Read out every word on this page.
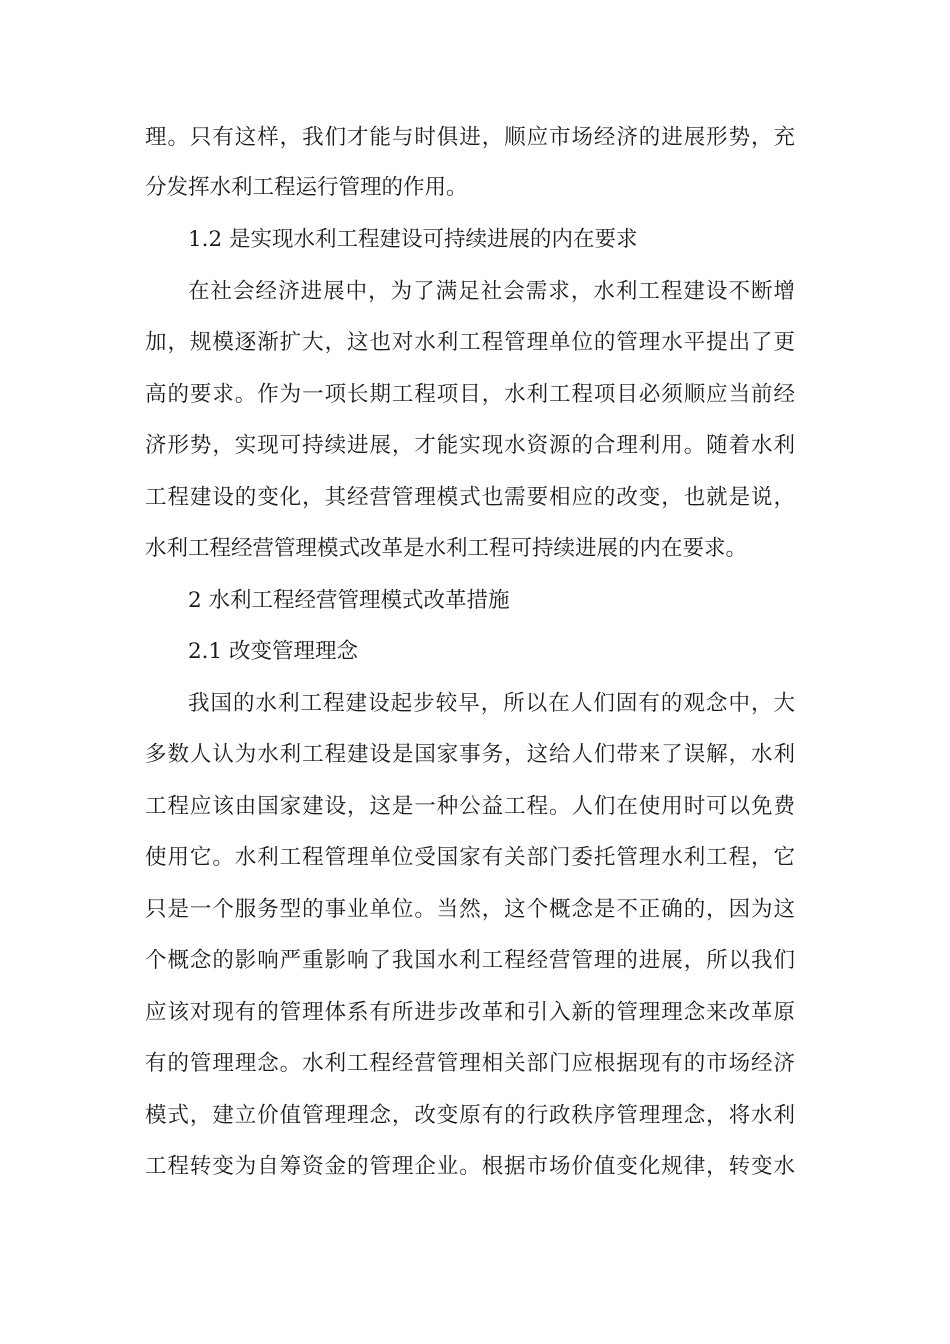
理。只有这样，我们才能与时俱进，顺应市场经济的进展形势，充
分发挥水利工程运行管理的作用。
1.2 是实现水利工程建设可持续进展的内在要求
在社会经济进展中，为了满足社会需求，水利工程建设不断增
加，规模逐渐扩大，这也对水利工程管理单位的管理水平提出了更
高的要求。作为一项长期工程项目，水利工程项目必须顺应当前经
济形势，实现可持续进展，才能实现水资源的合理利用。随着水利
工程建设的变化，其经营管理模式也需要相应的改变，也就是说，
水利工程经营管理模式改革是水利工程可持续进展的内在要求。
2 水利工程经营管理模式改革措施
2.1 改变管理理念
我国的水利工程建设起步较早，所以在人们固有的观念中，大
多数人认为水利工程建设是国家事务，这给人们带来了误解，水利
工程应该由国家建设，这是一种公益工程。人们在使用时可以免费
使用它。水利工程管理单位受国家有关部门委托管理水利工程，它
只是一个服务型的事业单位。当然，这个概念是不正确的，因为这
个概念的影响严重影响了我国水利工程经营管理的进展，所以我们
应该对现有的管理体系有所进步改革和引入新的管理理念来改革原
有的管理理念。水利工程经营管理相关部门应根据现有的市场经济
模式，建立价值管理理念，改变原有的行政秩序管理理念，将水利
工程转变为自筹资金的管理企业。根据市场价值变化规律，转变水
